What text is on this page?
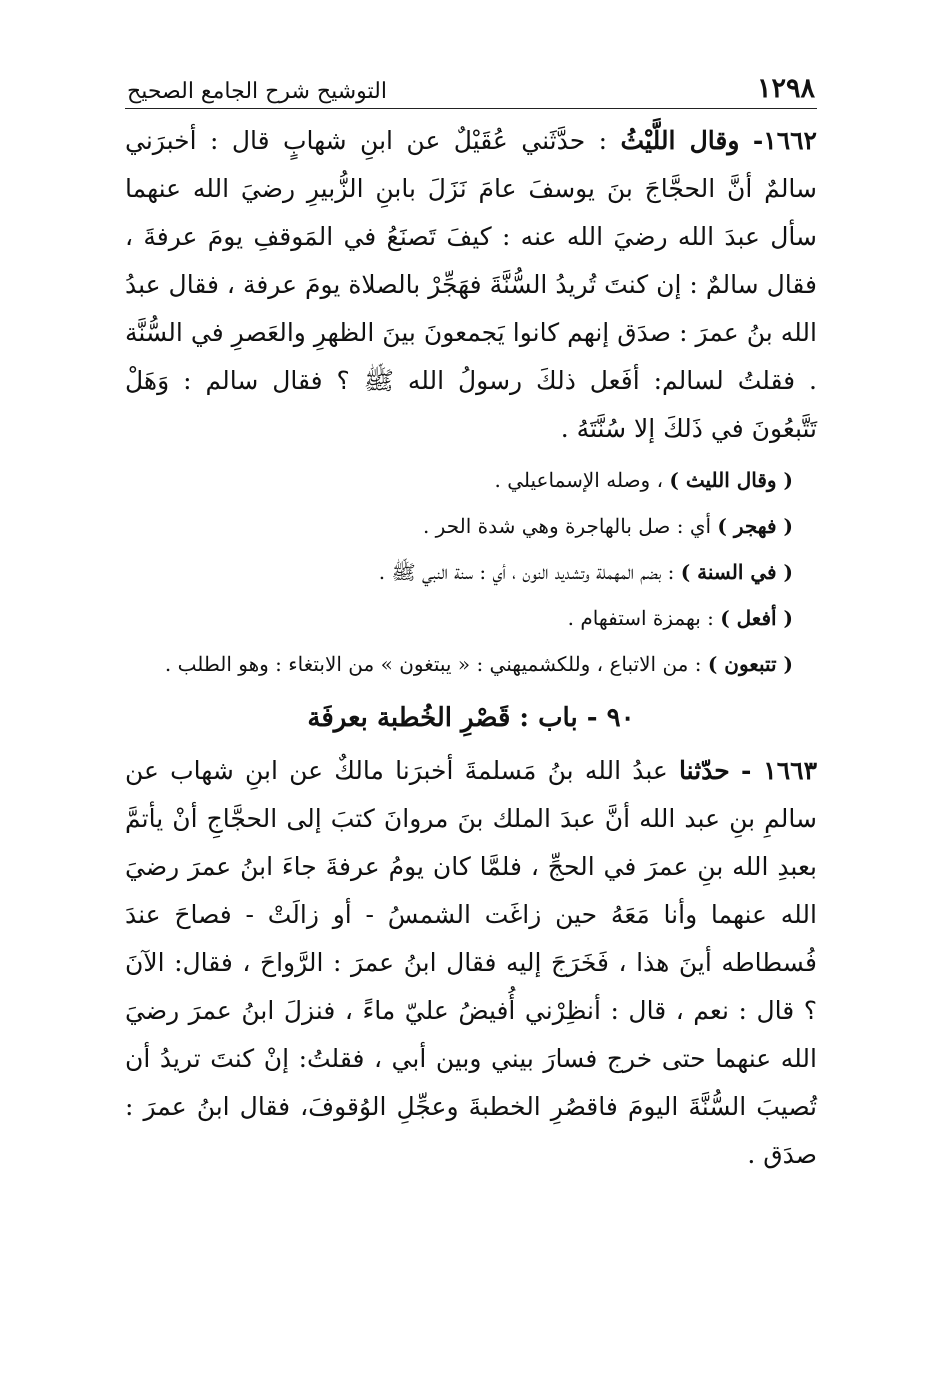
١٢٩٨
التوشيح شرح الجامع الصحيح

١٦٦٢- وقال اللَّيْثُ : حدَّثَني عُقَيْلٌ عن ابنِ شهابٍ قال : أخبرَني سالمٌ أنَّ الحجَّاجَ بنَ يوسفَ عامَ نَزَلَ بابنِ الزُّبيرِ رضيَ الله عنهما سأل عبدَ الله رضيَ الله عنه : كيفَ تَصنَعُ في المَوقفِ يومَ عرفةَ ، فقال سالمٌ : إن كنتَ تُريدُ السُّنَّةَ فهَجِّرْ بالصلاة يومَ عرفة ، فقال عبدُ الله بنُ عمرَ : صدَق إنهم كانوا يَجمعونَ بينَ الظهرِ والعَصرِ في السُّنَّة . فقلتُ لسالم: أفَعل ذلكَ رسولُ الله ﷺ ؟ فقال سالم : وَهَلْ تَتَّبعُونَ في ذَلكَ إلا سُنَّتَهُ .

( وقال الليث ) ، وصله الإسماعيلي .

( فهجر ) أي : صل بالهاجرة وهي شدة الحر .

( في السنة ) : بضم المهملة وتشديد النون ، أي : سنة النبي ﷺ .

( أفعل ) : بهمزة استفهام .

( تتبعون ) : من الاتباع ، وللكشميهني : « يبتغون » من الابتغاء : وهو الطلب .

٩٠ - باب : قَصْرِ الخُطبة بعرفَة

١٦٦٣ - حدّثنا عبدُ الله بنُ مَسلمةَ أخبرَنا مالكٌ عن ابنِ شهاب عن سالمِ بنِ عبد الله أنَّ عبدَ الملك بنَ مروانَ كتبَ إلى الحجَّاجِ أنْ يأتمَّ بعبدِ الله بنِ عمرَ في الحجِّ ، فلمَّا كان يومُ عرفةَ جاءَ ابنُ عمرَ رضيَ الله عنهما وأنا مَعَهُ حين زاغَت الشمسُ - أو زالَتْ - فصاحَ عندَ فُسطاطه أينَ هذا ، فَخَرَجَ إليه فقال ابنُ عمرَ : الرَّواحَ ، فقال: الآنَ ؟ قال : نعم ، قال : أنظِرْني أُفيضُ عليّ ماءً ، فنزلَ ابنُ عمرَ رضيَ الله عنهما حتى خرج فسارَ بيني وبين أبي ، فقلتُ: إنْ كنتَ تريدُ أن تُصيبَ السُّنَّةَ اليومَ فاقصُرِ الخطبةَ وعجِّلِ الوُقوفَ، فقال ابنُ عمرَ : صدَق .
